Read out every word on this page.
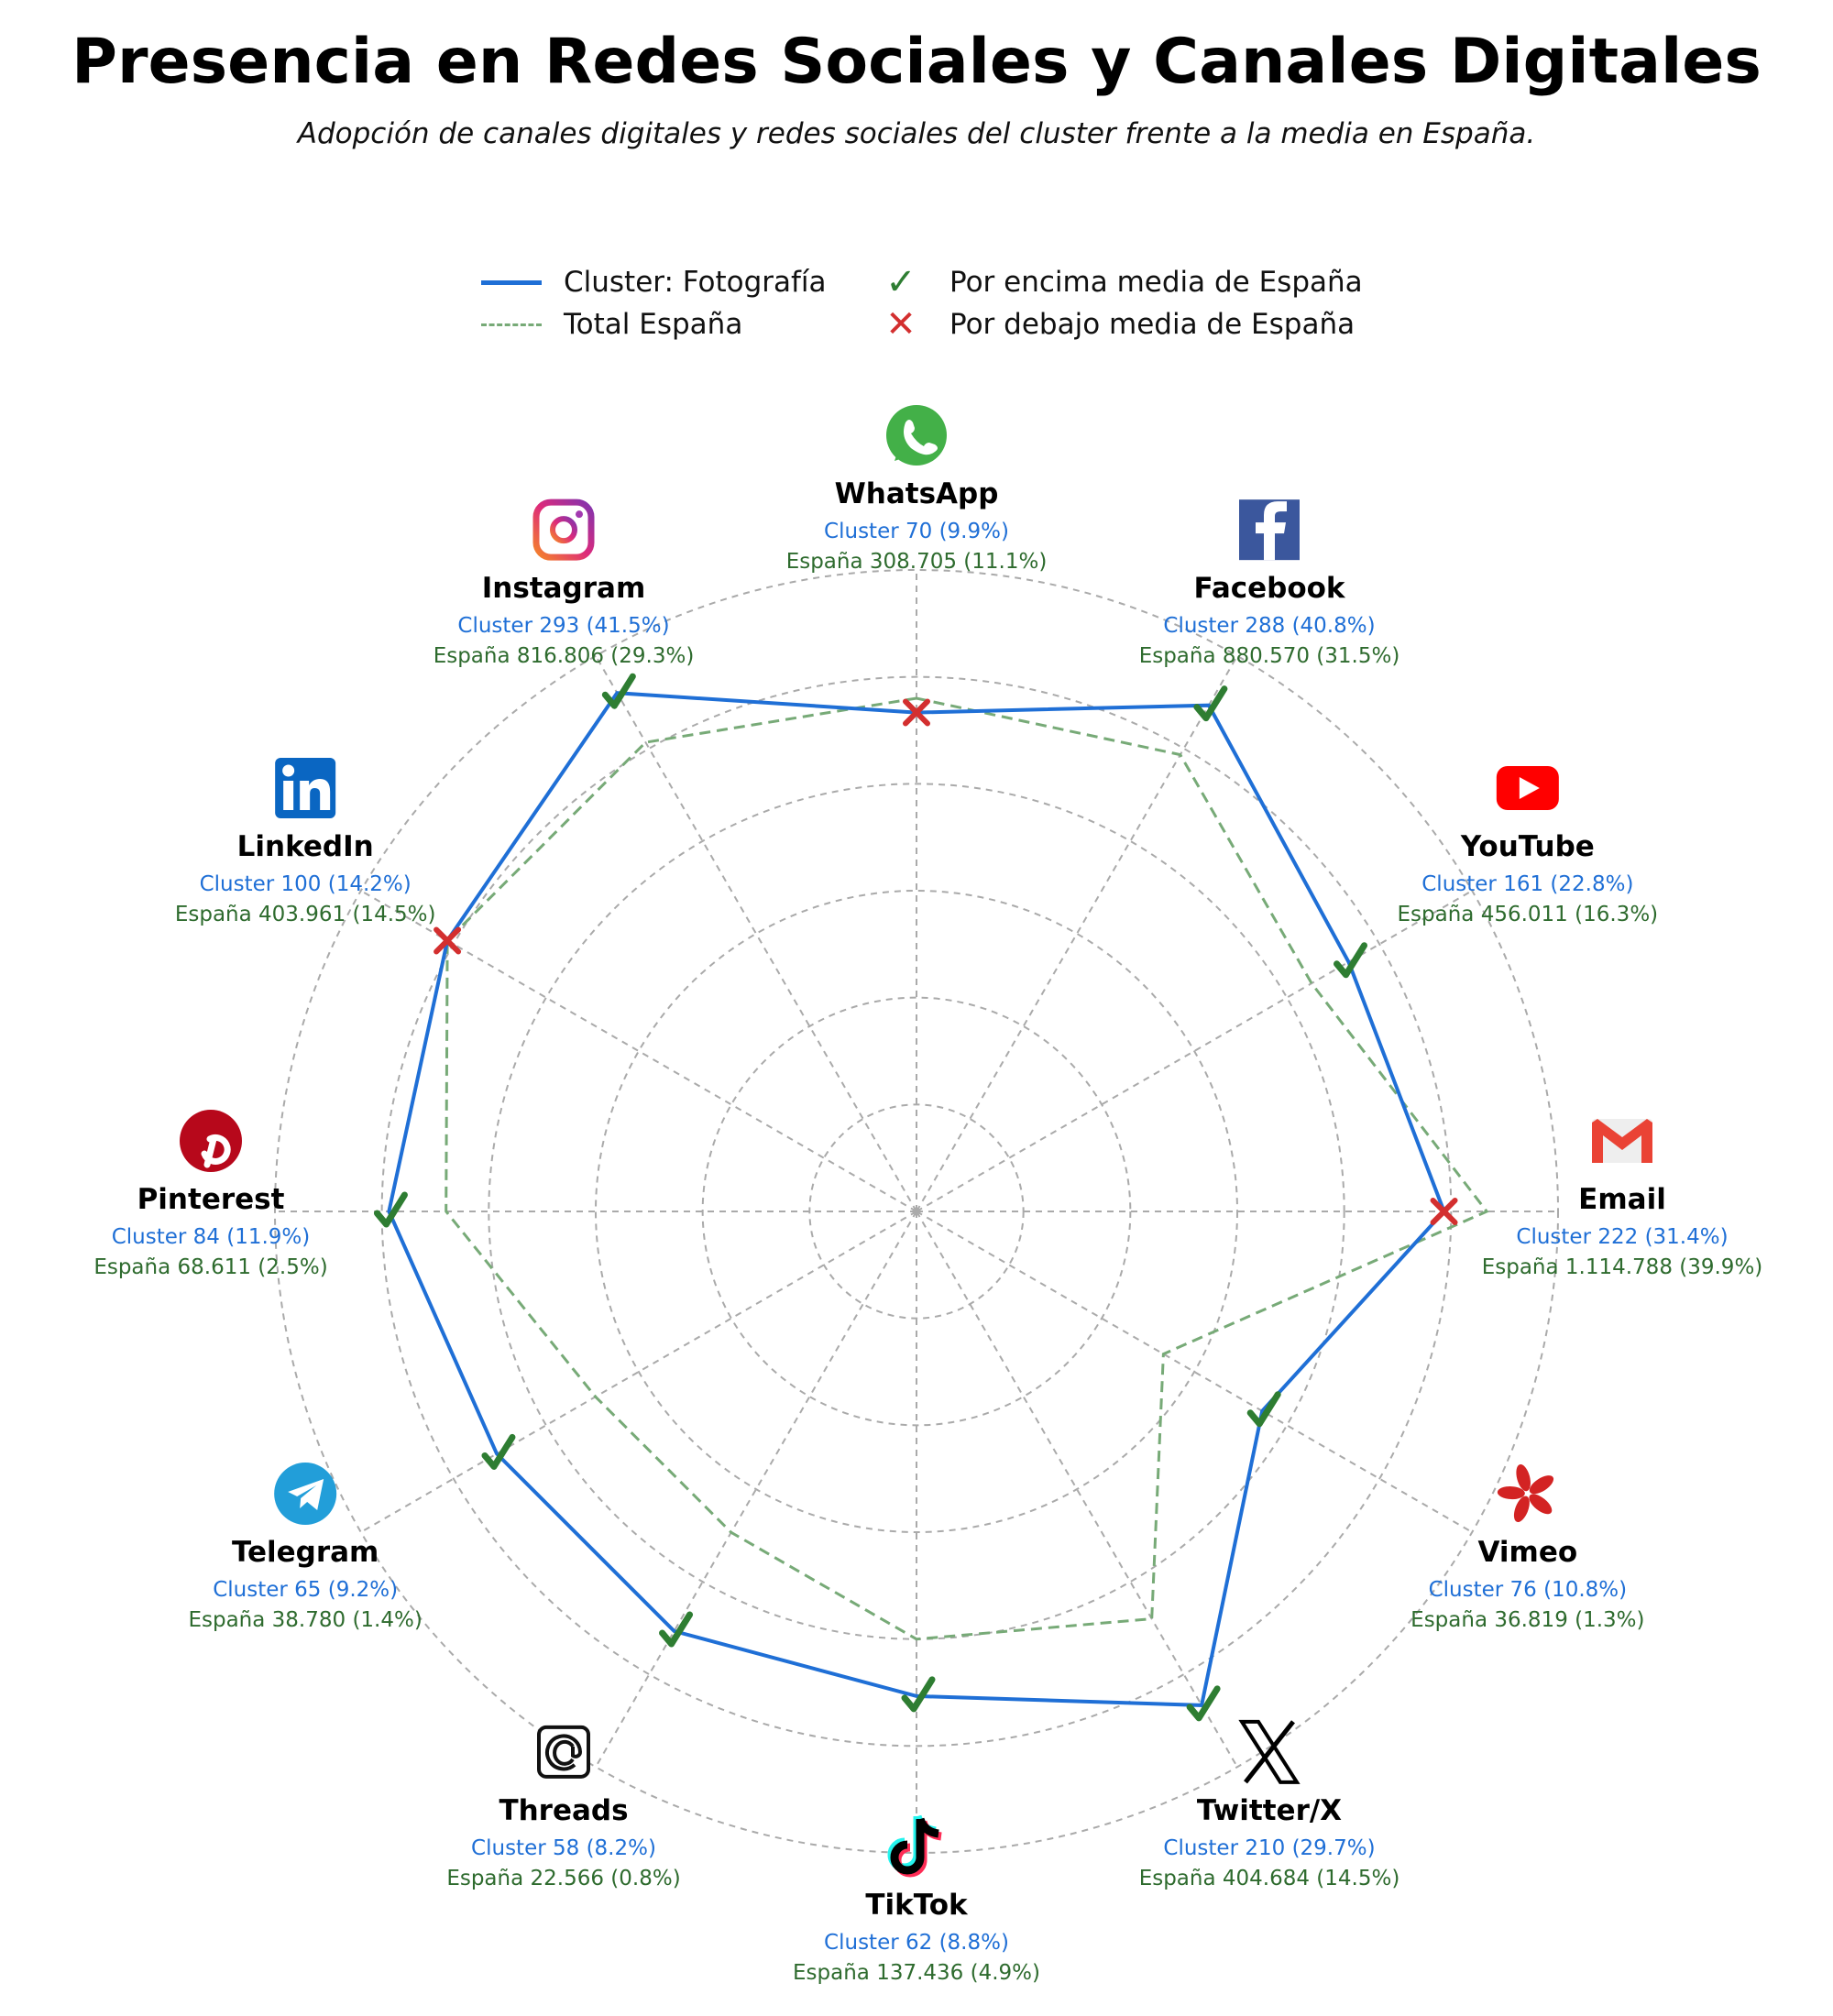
Presencia en Redes Sociales y Canales Digitales
Adopción de canales digitales y redes sociales del cluster frente a la media en España.
Cluster: Fotografía
Total España
✓ Por encima media de España
✕ Por debajo media de España
WhatsApp
Cluster 70 (9.9%)
España 308.705 (11.1%)
Facebook
Cluster 288 (40.8%)
España 880.570 (31.5%)
YouTube
Cluster 161 (22.8%)
España 456.011 (16.3%)
Email
Cluster 222 (31.4%)
España 1.114.788 (39.9%)
Vimeo
Cluster 76 (10.8%)
España 36.819 (1.3%)
Twitter/X
Cluster 210 (29.7%)
España 404.684 (14.5%)
TikTok
Cluster 62 (8.8%)
España 137.436 (4.9%)
Threads
Cluster 58 (8.2%)
España 22.566 (0.8%)
Telegram
Cluster 65 (9.2%)
España 38.780 (1.4%)
Pinterest
Cluster 84 (11.9%)
España 68.611 (2.5%)
LinkedIn
Cluster 100 (14.2%)
España 403.961 (14.5%)
Instagram
Cluster 293 (41.5%)
España 816.806 (29.3%)
